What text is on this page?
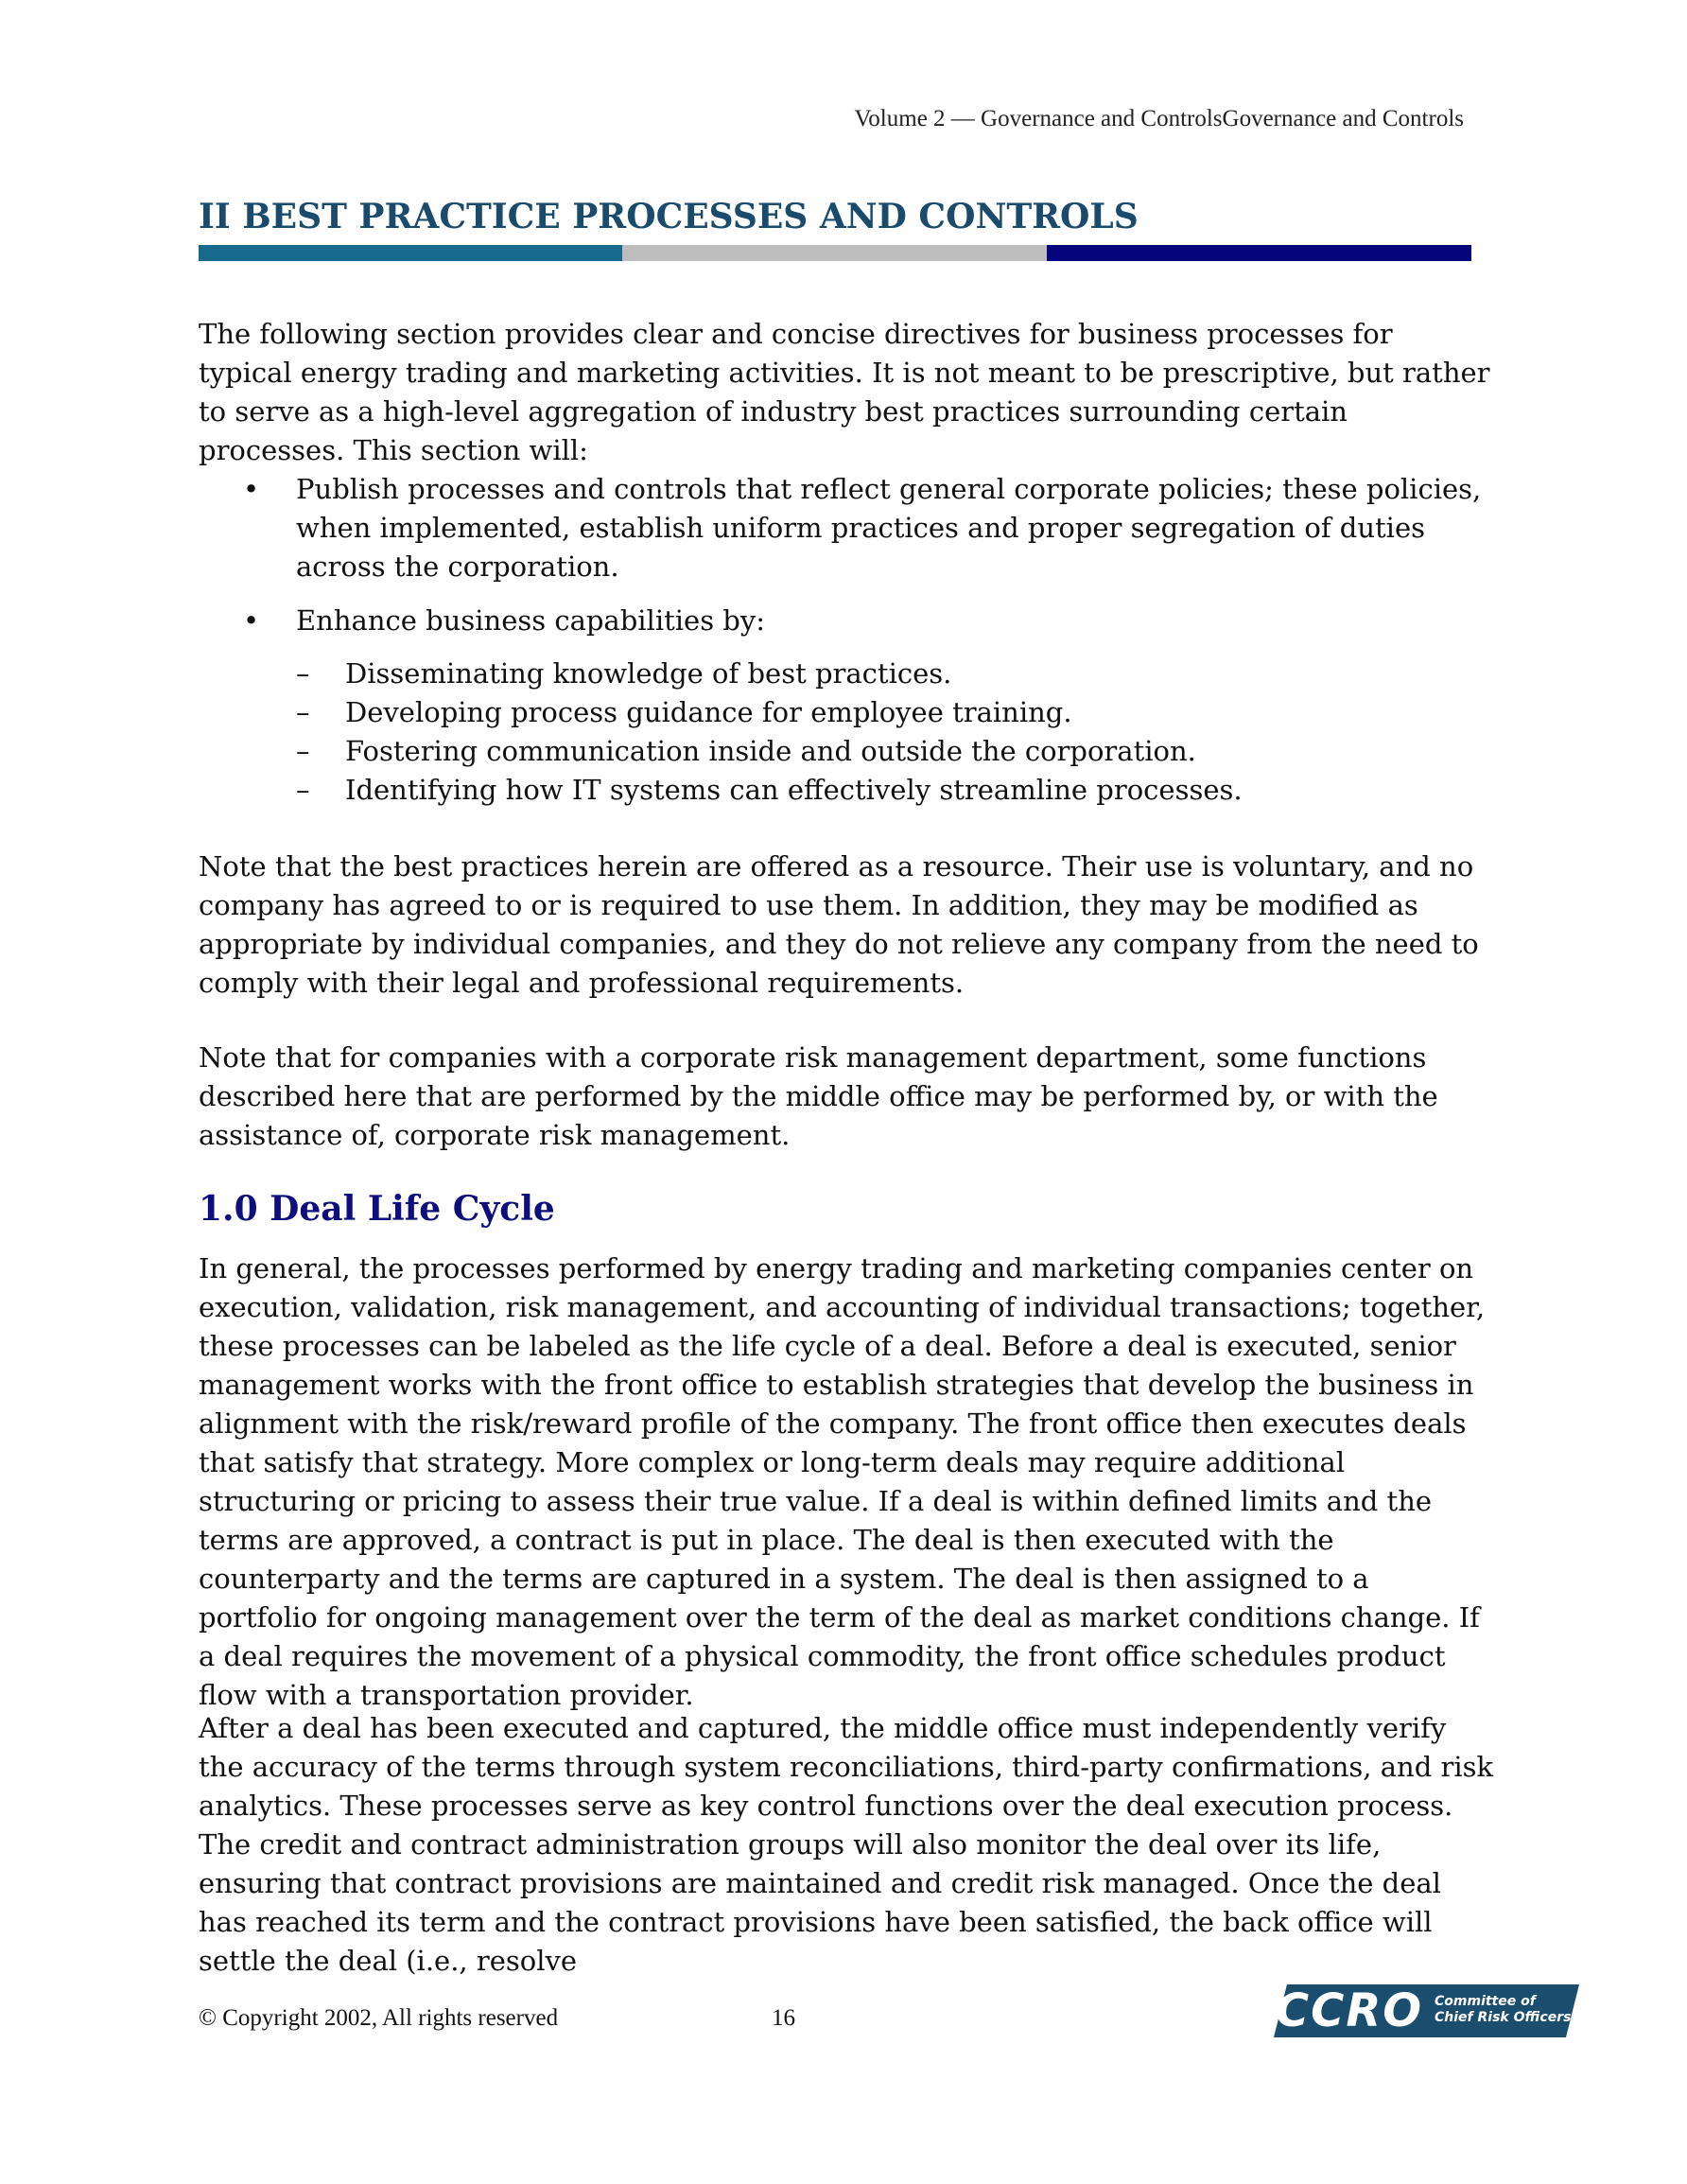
Volume 2 — Governance and ControlsGovernance and Controls
II BEST PRACTICE PROCESSES AND CONTROLS

The following section provides clear and concise directives for business processes for typical energy trading and marketing activities. It is not meant to be prescriptive, but rather to serve as a high-level aggregation of industry best practices surrounding certain processes. This section will:

• Publish processes and controls that reflect general corporate policies; these policies, when implemented, establish uniform practices and proper segregation of duties across the corporation.
• Enhance business capabilities by:
– Disseminating knowledge of best practices.
– Developing process guidance for employee training.
– Fostering communication inside and outside the corporation.
– Identifying how IT systems can effectively streamline processes.

Note that the best practices herein are offered as a resource. Their use is voluntary, and no company has agreed to or is required to use them. In addition, they may be modified as appropriate by individual companies, and they do not relieve any company from the need to comply with their legal and professional requirements.

Note that for companies with a corporate risk management department, some functions described here that are performed by the middle office may be performed by, or with the assistance of, corporate risk management.

1.0 Deal Life Cycle

In general, the processes performed by energy trading and marketing companies center on execution, validation, risk management, and accounting of individual transactions; together, these processes can be labeled as the life cycle of a deal. Before a deal is executed, senior management works with the front office to establish strategies that develop the business in alignment with the risk/reward profile of the company. The front office then executes deals that satisfy that strategy. More complex or long-term deals may require additional structuring or pricing to assess their true value. If a deal is within defined limits and the terms are approved, a contract is put in place. The deal is then executed with the counterparty and the terms are captured in a system. The deal is then assigned to a portfolio for ongoing management over the term of the deal as market conditions change. If a deal requires the movement of a physical commodity, the front office schedules product flow with a transportation provider.

After a deal has been executed and captured, the middle office must independently verify the accuracy of the terms through system reconciliations, third-party confirmations, and risk analytics. These processes serve as key control functions over the deal execution process. The credit and contract administration groups will also monitor the deal over its life, ensuring that contract provisions are maintained and credit risk managed. Once the deal has reached its term and the contract provisions have been satisfied, the back office will settle the deal (i.e., resolve

© Copyright 2002, All rights reserved	16	CCRO Committee of
Chief Risk Officers
